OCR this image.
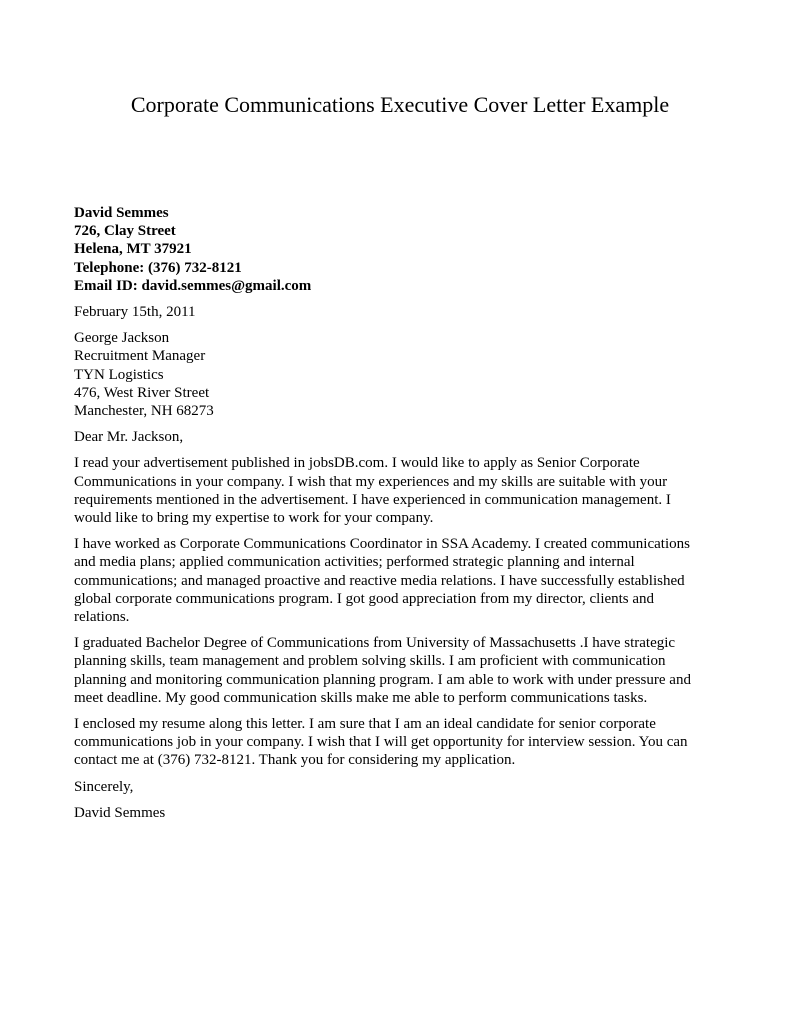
Corporate Communications Executive Cover Letter Example
David Semmes
726, Clay Street
Helena, MT 37921
Telephone: (376) 732-8121
Email ID: david.semmes@gmail.com
February 15th, 2011
George Jackson
Recruitment Manager
TYN Logistics
476, West River Street
Manchester, NH 68273
Dear Mr. Jackson,
I read your advertisement published in jobsDB.com. I would like to apply as Senior Corporate
Communications in your company. I wish that my experiences and my skills are suitable with your
requirements mentioned in the advertisement. I have experienced in communication management. I
would like to bring my expertise to work for your company.
I have worked as Corporate Communications Coordinator in SSA Academy. I created communications
and media plans; applied communication activities; performed strategic planning and internal
communications; and managed proactive and reactive media relations. I have successfully established
global corporate communications program. I got good appreciation from my director, clients and
relations.
I graduated Bachelor Degree of Communications from University of Massachusetts .I have strategic
planning skills, team management and problem solving skills. I am proficient with communication
planning and monitoring communication planning program. I am able to work with under pressure and
meet deadline. My good communication skills make me able to perform communications tasks.
I enclosed my resume along this letter. I am sure that I am an ideal candidate for senior corporate
communications job in your company. I wish that I will get opportunity for interview session. You can
contact me at (376) 732-8121. Thank you for considering my application.
Sincerely,
David Semmes
